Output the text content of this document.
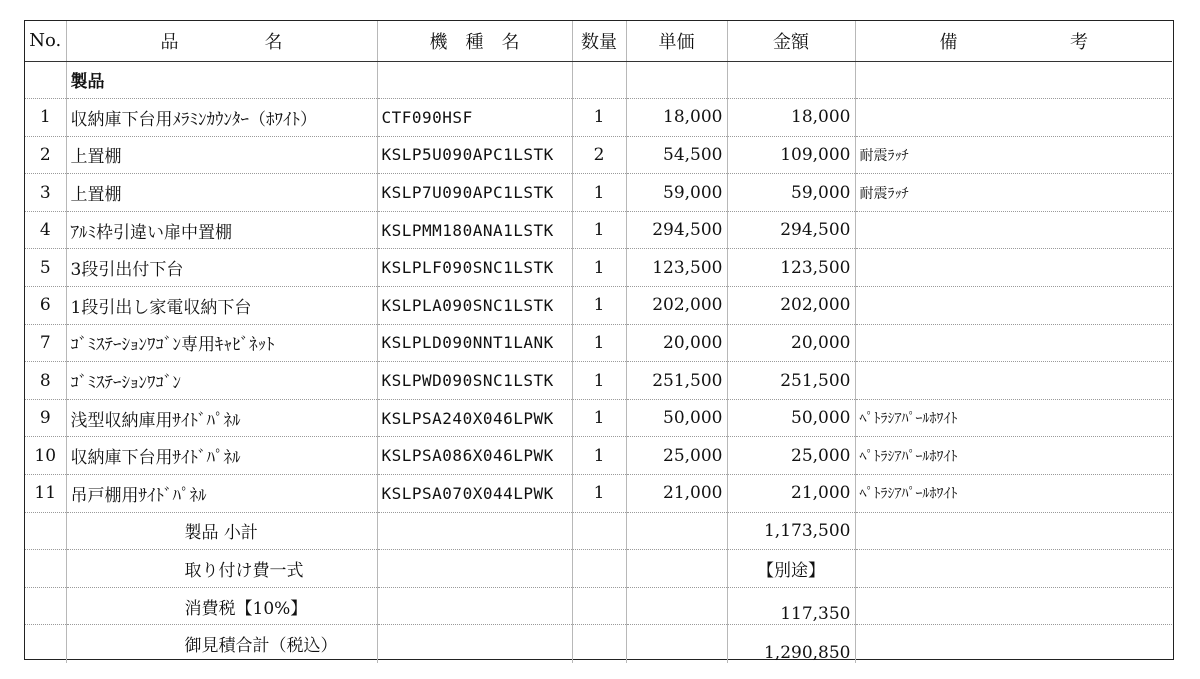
No.	品 名	機　種　名	数量	単価	金額	備 考

	製品					
1	収納庫下台用ﾒﾗﾐﾝｶｳﾝﾀｰ（ﾎﾜｲﾄ）	CTF090HSF	1	18,000	18,000	
2	上置棚	KSLP5U090APC1LSTK	2	54,500	109,000	耐震ﾗｯﾁ
3	上置棚	KSLP7U090APC1LSTK	1	59,000	59,000	耐震ﾗｯﾁ
4	ｱﾙﾐ枠引違い扉中置棚	KSLPMM180ANA1LSTK	1	294,500	294,500	
5	3段引出付下台	KSLPLF090SNC1LSTK	1	123,500	123,500	
6	1段引出し家電収納下台	KSLPLA090SNC1LSTK	1	202,000	202,000	
7	ｺﾞﾐｽﾃｰｼｮﾝﾜｺﾞﾝ専用ｷｬﾋﾞﾈｯﾄ	KSLPLD090NNT1LANK	1	20,000	20,000	
8	ｺﾞﾐｽﾃｰｼｮﾝﾜｺﾞﾝ	KSLPWD090SNC1LSTK	1	251,500	251,500	
9	浅型収納庫用ｻｲﾄﾞﾊﾟﾈﾙ	KSLPSA240X046LPWK	1	50,000	50,000	ﾍﾟﾄﾗｼｱﾊﾟｰﾙﾎﾜｲﾄ
10	収納庫下台用ｻｲﾄﾞﾊﾟﾈﾙ	KSLPSA086X046LPWK	1	25,000	25,000	ﾍﾟﾄﾗｼｱﾊﾟｰﾙﾎﾜｲﾄ
11	吊戸棚用ｻｲﾄﾞﾊﾟﾈﾙ	KSLPSA070X044LPWK	1	21,000	21,000	ﾍﾟﾄﾗｼｱﾊﾟｰﾙﾎﾜｲﾄ
	製品 小計				1,173,500	
	取り付け費一式				【別途】	
	消費税【10%】				117,350	
	御見積合計（税込）				1,290,850	
